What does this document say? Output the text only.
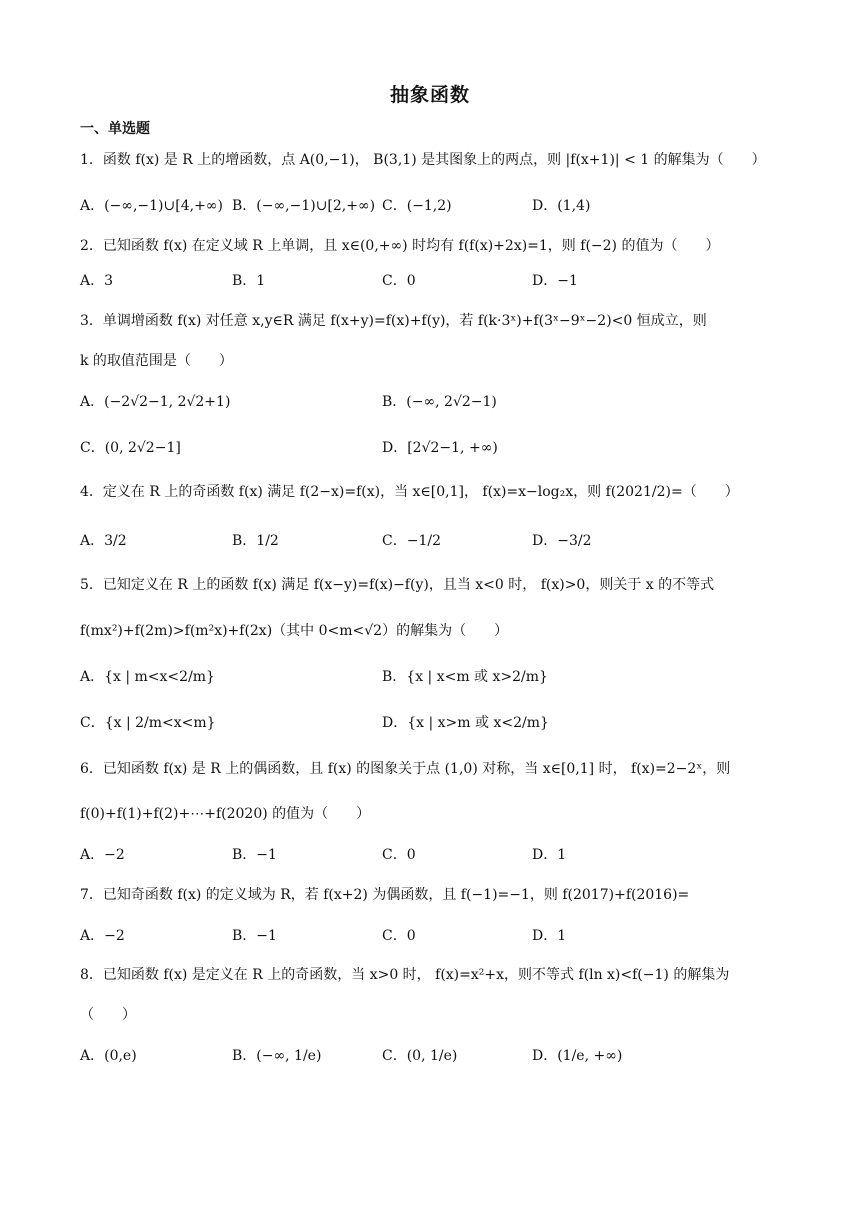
抽象函数
一、单选题
1．函数 f(x) 是 R 上的增函数，点 A(0,−1)， B(3,1) 是其图象上的两点，则 |f(x+1)| < 1 的解集为（　　）
A．(−∞,−1)∪[4,+∞) B．(−∞,−1)∪[2,+∞) C．(−1,2)	D．(1,4)
2．已知函数 f(x) 在定义域 R 上单调，且 x∈(0,+∞) 时均有 f(f(x)+2x)=1，则 f(−2) 的值为（　　）
A．3	B．1	C．0	D．−1
3．单调增函数 f(x) 对任意 x,y∈R 满足 f(x+y)=f(x)+f(y)，若 f(k·3ˣ)+f(3ˣ−9ˣ−2)<0 恒成立，则
k 的取值范围是（　　）
A．(−2√2−1, 2√2+1)	B．(−∞, 2√2−1)
C．(0, 2√2−1]	D．[2√2−1, +∞)
4．定义在 R 上的奇函数 f(x) 满足 f(2−x)=f(x)，当 x∈[0,1]， f(x)=x−log₂x，则 f(2021/2)=（　　）
A．3/2	B．1/2	C．−1/2	D．−3/2
5．已知定义在 R 上的函数 f(x) 满足 f(x−y)=f(x)−f(y)，且当 x<0 时， f(x)>0，则关于 x 的不等式
f(mx²)+f(2m)>f(m²x)+f(2x)（其中 0<m<√2）的解集为（　　）
A．{x | m<x<2/m}	B．{x | x<m 或 x>2/m}
C．{x | 2/m<x<m}	D．{x | x>m 或 x<2/m}
6．已知函数 f(x) 是 R 上的偶函数，且 f(x) 的图象关于点 (1,0) 对称，当 x∈[0,1] 时， f(x)=2−2ˣ，则
f(0)+f(1)+f(2)+⋯+f(2020) 的值为（　　）
A．−2	B．−1	C．0	D．1
7．已知奇函数 f(x) 的定义域为 R，若 f(x+2) 为偶函数，且 f(−1)=−1，则 f(2017)+f(2016)=
A．−2	B．−1	C．0	D．1
8．已知函数 f(x) 是定义在 R 上的奇函数，当 x>0 时， f(x)=x²+x，则不等式 f(ln x)<f(−1) 的解集为
（　　）
A．(0,e)	B．(−∞, 1/e)	C．(0, 1/e)	D．(1/e, +∞)
